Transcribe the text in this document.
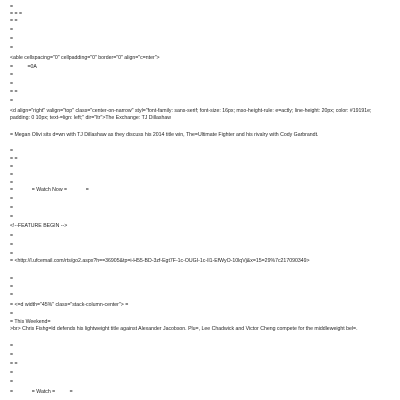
=
= = =
= =
=
=
=
<able cellspacing="0" cellpadding="0" border="0" align="c=nter">
=          =0A
=
=
= =
=
<d align="right" valign="top" class="center-on-narrow" styl="font-family: sans-serif; font-size: 16px; mso-height-rule: e=actly; line-height: 20px; color: #19191e; padding: 0 10px; text-=lign: left;" dir="ltr">The Exchange: TJ Dillashaw
= Megan Olivi sits d=wn with TJ Dillashaw as they discuss his 2014 title win, The=Ultimate Fighter and his rivalry with Cody Garbrandt.
=
= =
=
=
=
=             = Watch Now =             =
=
=
=
<!--FEATURE BEGIN -->
=
=
=
= <http://l.ufcemail.com/rts/go2.aspx?h==36905&tp=i-H55-BD-3zf-Egt7F-1c-OUGI-1c-Il1-EfWyO-10lqVj&x=15=29%7c217090349>
=
=
=
= <=d width="45%" class="stack-column-center"> =
=
= This Weekend=
>br> Chris Fishg=ld defends his lightweight title against Alexander Jacobson. Plu=, Lee Chadwick and Victor Cheng compete for the middleweight bel=.
=
=
= =
=
=
=             = Watch =          =
